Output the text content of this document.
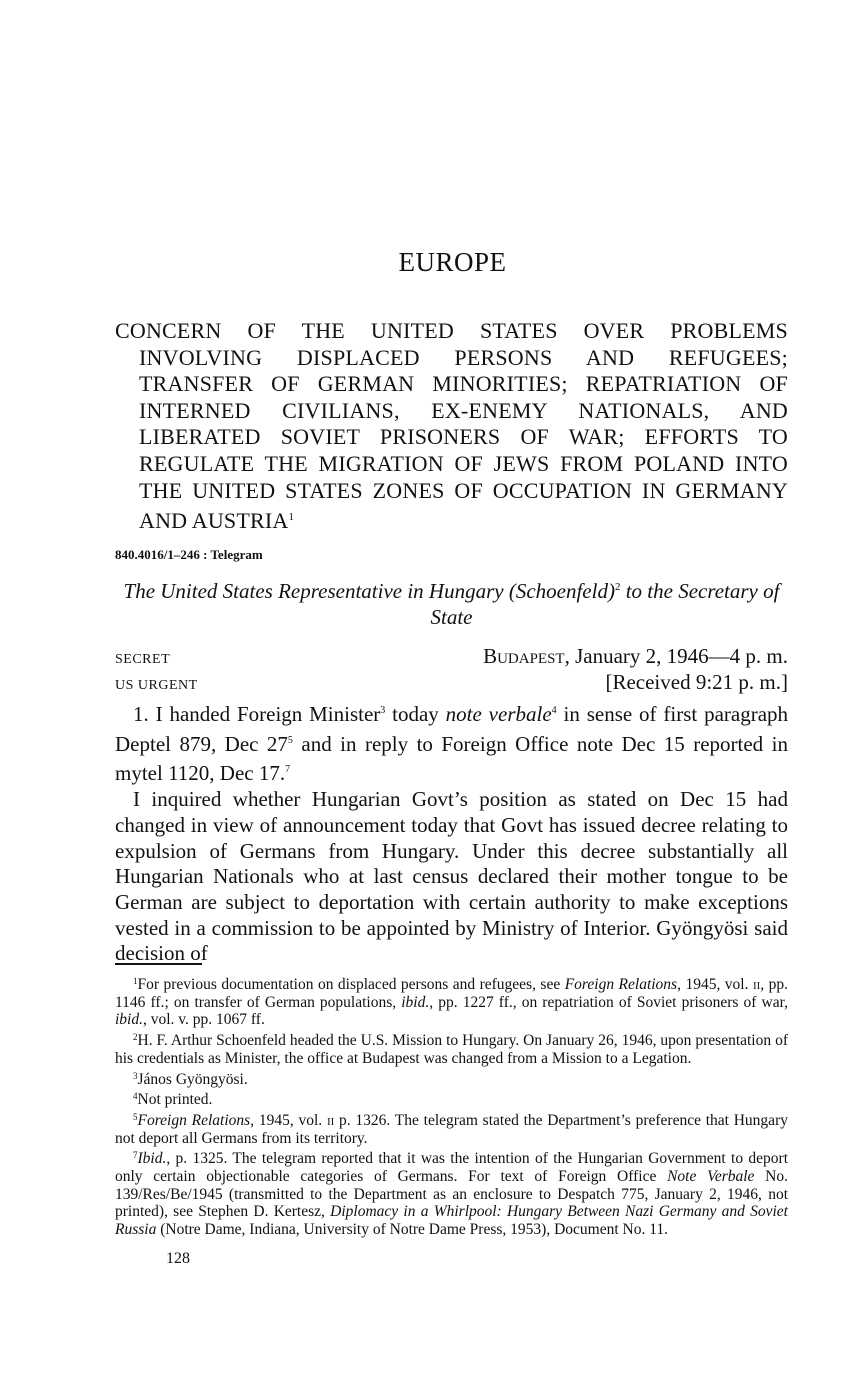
EUROPE
CONCERN OF THE UNITED STATES OVER PROBLEMS INVOLVING DISPLACED PERSONS AND REFUGEES; TRANSFER OF GERMAN MINORITIES; REPATRIATION OF INTERNED CIVILIANS, EX-ENEMY NATIONALS, AND LIBERATED SOVIET PRISONERS OF WAR; EFFORTS TO REGULATE THE MIGRATION OF JEWS FROM POLAND INTO THE UNITED STATES ZONES OF OCCUPATION IN GERMANY AND AUSTRIA$^1$
840.4016/1–246 : Telegram
The United States Representative in Hungary (Schoenfeld)$^2$ to the Secretary of State
SECRET	Budapest, January 2, 1946—4 p. m.
US URGENT	[Received 9:21 p. m.]

1. I handed Foreign Minister$^3$ today note verbale$^4$ in sense of first paragraph Deptel 879, Dec $27^5$ and in reply to Foreign Office note Dec 15 reported in mytel 1120, Dec 17.$^7$

I inquired whether Hungarian Govt’s position as stated on Dec 15 had changed in view of announcement today that Govt has issued decree relating to expulsion of Germans from Hungary. Under this decree substantially all Hungarian Nationals who at last census declared their mother tongue to be German are subject to deportation with certain authority to make exceptions vested in a commission to be appointed by Ministry of Interior. Gyöngyösi said decision of

$^1$For previous documentation on displaced persons and refugees, see Foreign Relations, 1945, vol. ii, pp. 1146 ff.; on transfer of German populations, ibid., pp. 1227 ff., on repatriation of Soviet prisoners of war, ibid., vol. v. pp. 1067 ff.

$^2$H. F. Arthur Schoenfeld headed the U.S. Mission to Hungary. On January 26, 1946, upon presentation of his credentials as Minister, the office at Budapest was changed from a Mission to a Legation.

$^3$János Gyöngyösi.

$^4$Not printed.

$^5$Foreign Relations, 1945, vol. ii p. 1326. The telegram stated the Department’s preference that Hungary not deport all Germans from its territory.

$^7$Ibid., p. 1325. The telegram reported that it was the intention of the Hungarian Government to deport only certain objectionable categories of Germans. For text of Foreign Office Note Verbale No. 139/Res/Be/1945 (transmitted to the Department as an enclosure to Despatch 775, January 2, 1946, not printed), see Stephen D. Kertesz, Diplomacy in a Whirlpool: Hungary Between Nazi Germany and Soviet Russia (Notre Dame, Indiana, University of Notre Dame Press, 1953), Document No. 11.

128
